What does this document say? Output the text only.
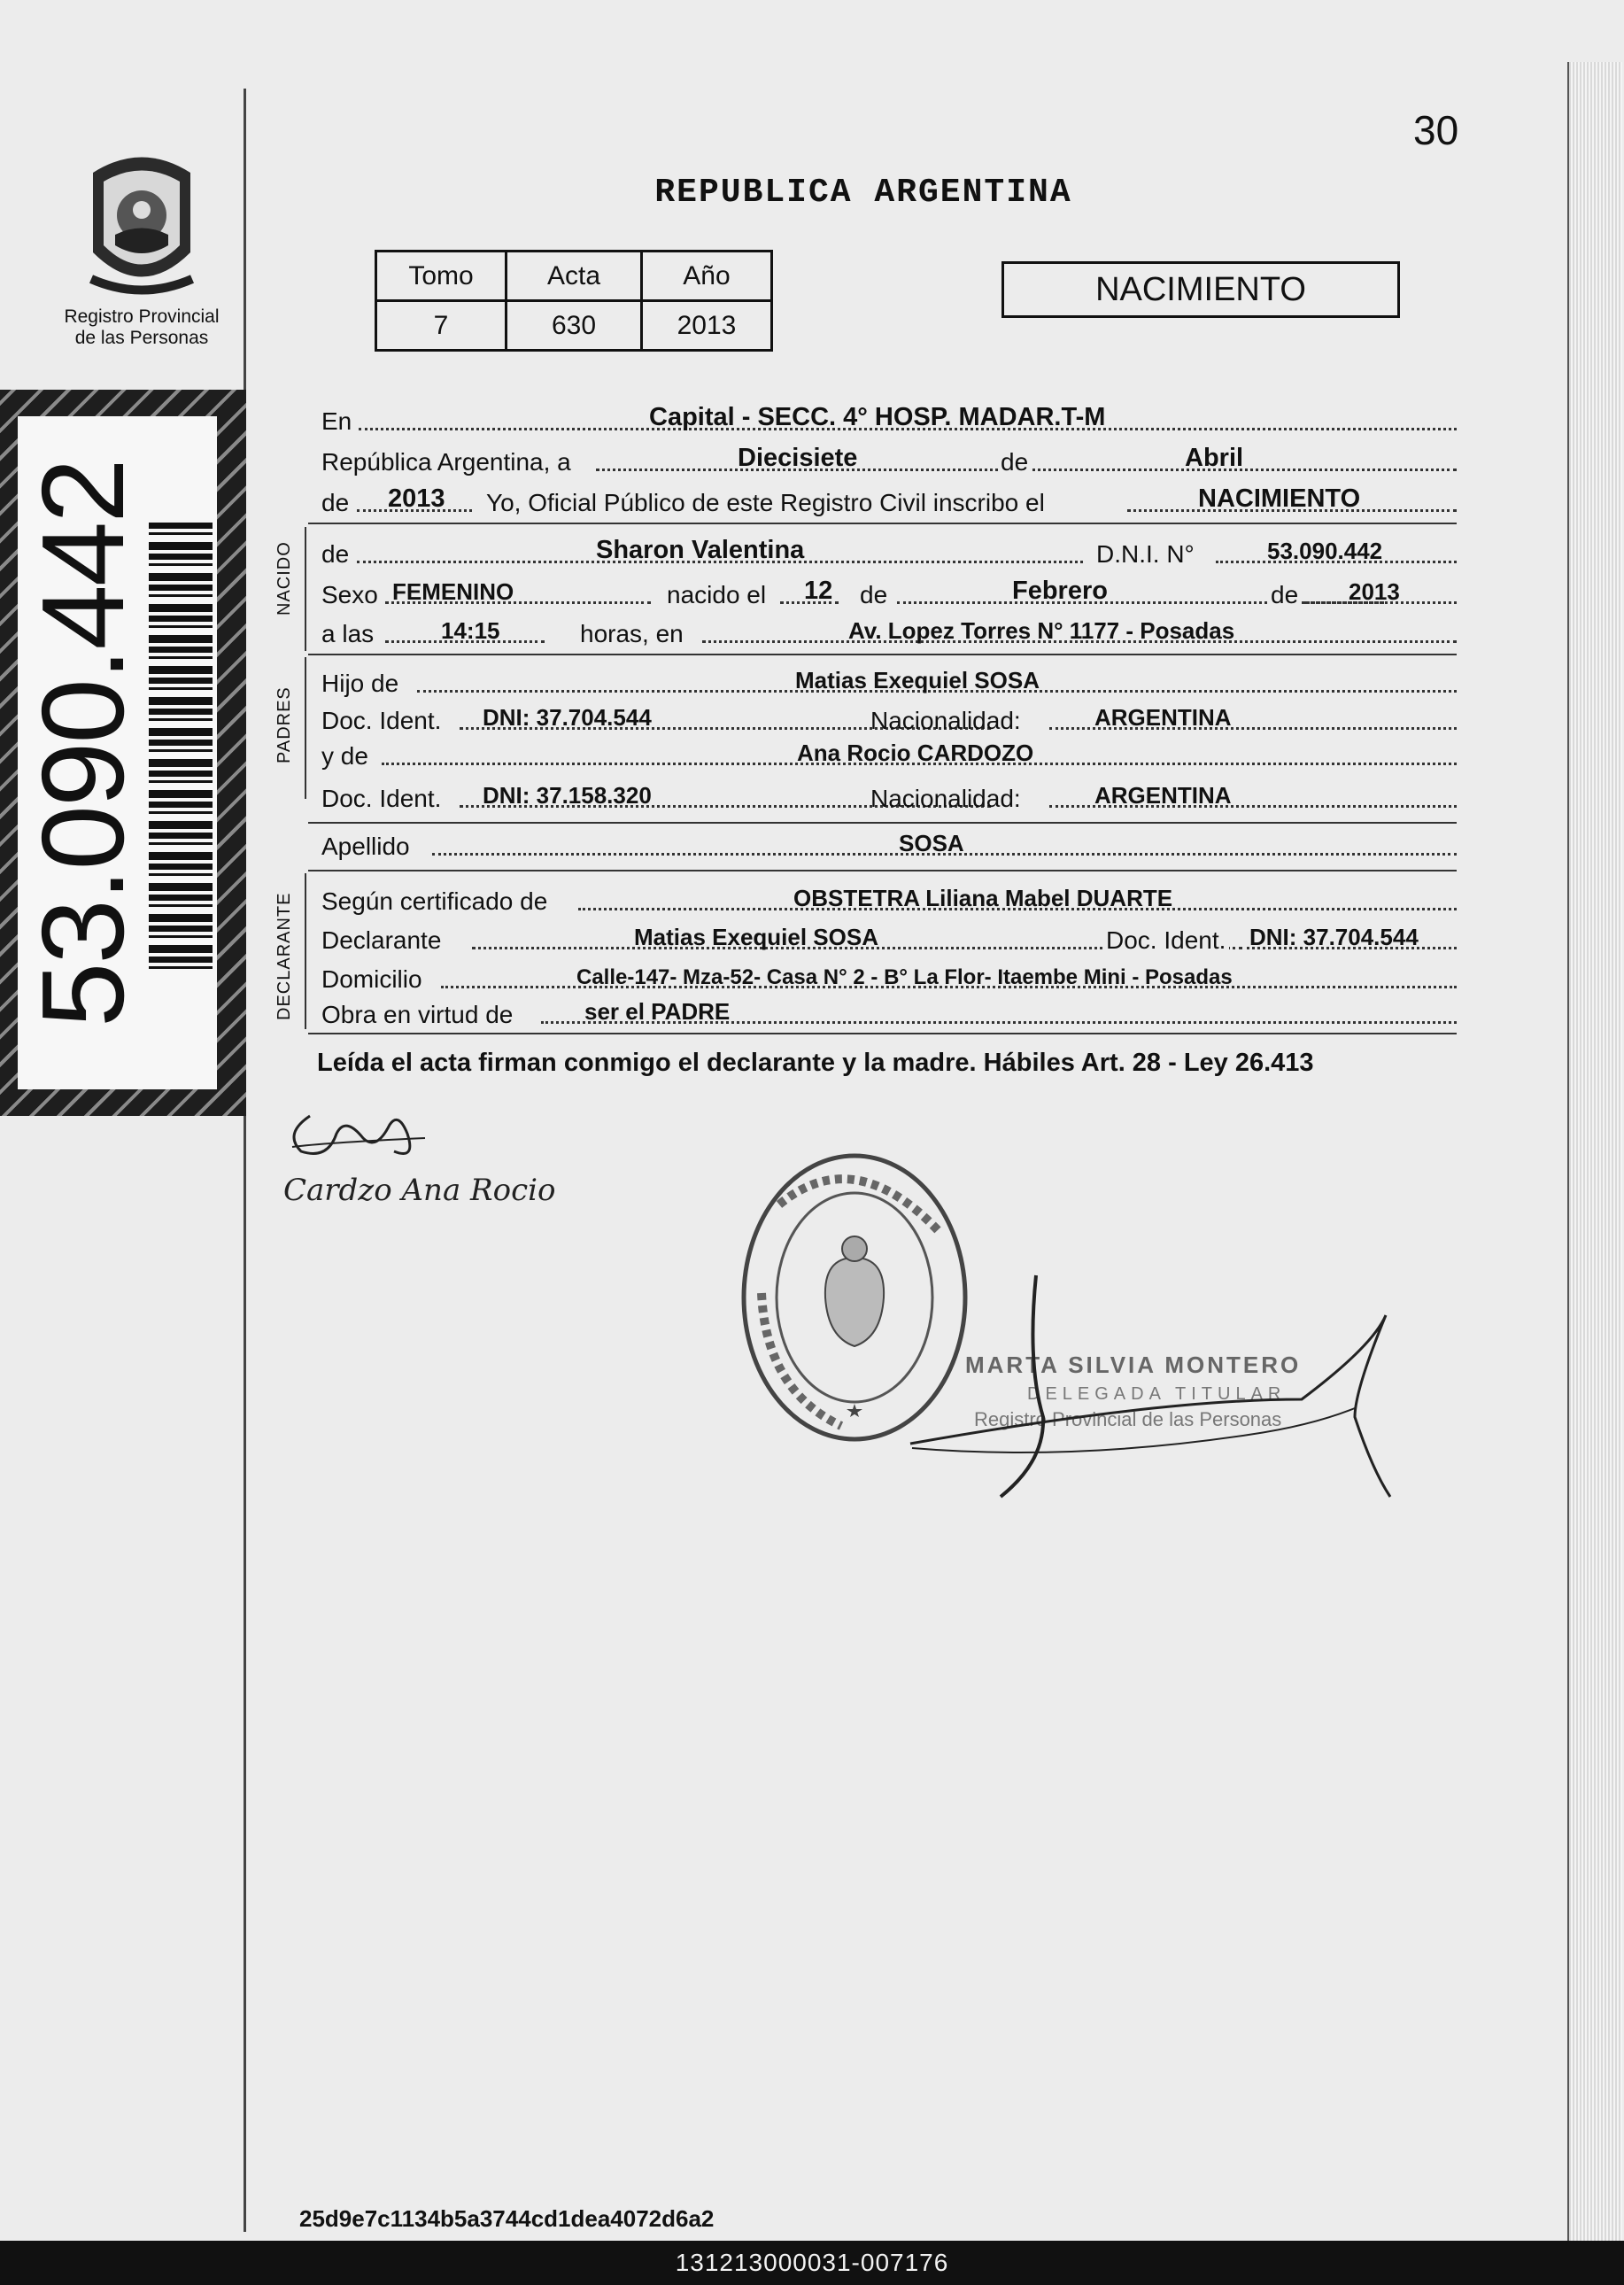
Registro Provincial
de las Personas
53.090.442
30
REPUBLICA ARGENTINA
Tomo	Acta	Año
7	630	2013
NACIMIENTO
En	Capital - SECC. 4° HOSP. MADAR.T-M
República Argentina, a	Diecisiete	de	Abril
de 2013 Yo, Oficial Público de este Registro Civil inscribo el	NACIMIENTO
NACIDO de	Sharon Valentina	D.N.I. N°	53.090.442
Sexo FEMENINO	nacido el 12 de	Febrero	de 2013
a las	14:15	horas, en	Av. Lopez Torres N° 1177 - Posadas
PADRES
Hijo de	Matias Exequiel SOSA
Doc. Ident. DNI: 37.704.544	Nacionalidad:	ARGENTINA
y de	Ana Rocio CARDOZO
Doc. Ident. DNI: 37.158.320	Nacionalidad:	ARGENTINA
Apellido	SOSA
DECLARANTE Según certificado de	OBSTETRA Liliana Mabel DUARTE
Declarante	Matias Exequiel SOSA	Doc. Ident. DNI: 37.704.544
Domicilio	Calle-147- Mza-52- Casa N° 2 - B° La Flor- Itaembe Mini - Posadas
Obra en virtud de	ser el PADRE
Leída el acta firman conmigo el declarante y la madre. Hábiles Art. 28 - Ley 26.413
Cardzo Ana Rocio
MARTA SILVIA MONTERO
DELEGADA TITULAR
Registro Provincial de las Personas
25d9e7c1134b5a3744cd1dea4072d6a2
131213000031-007176
